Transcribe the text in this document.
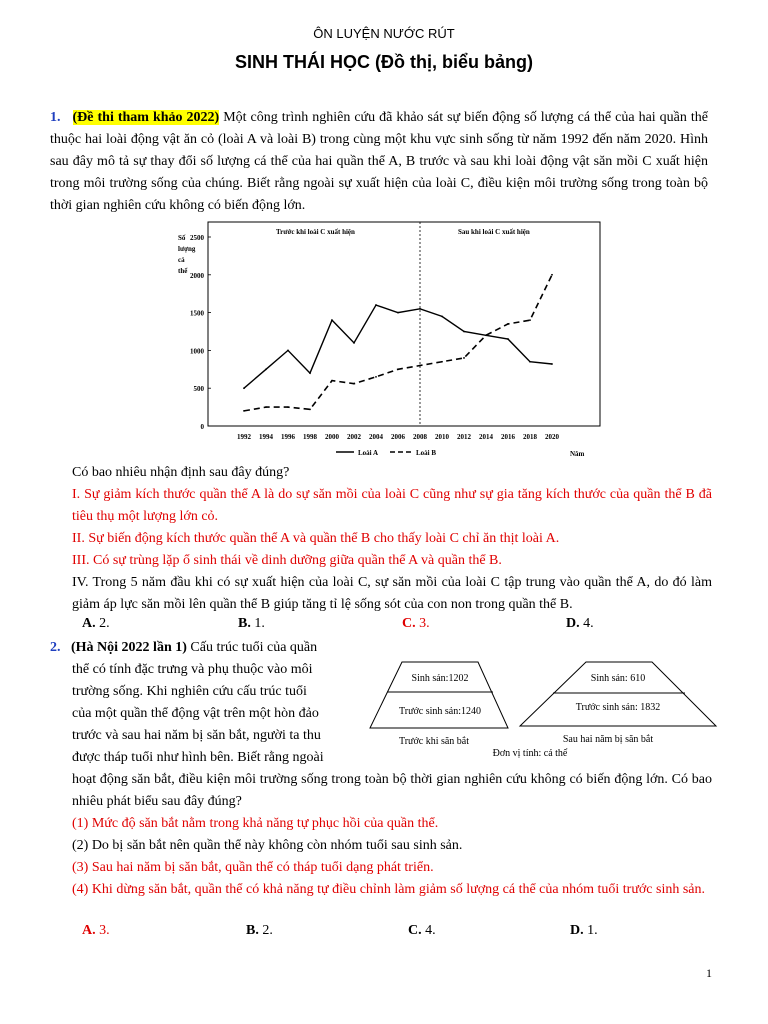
ÔN LUYỆN NƯỚC RÚT
SINH THÁI HỌC (Đồ thị, biểu bảng)
1. (Đề thi tham khảo 2022) Một công trình nghiên cứu đã khảo sát sự biến động số lượng cá thể của hai quần thể thuộc hai loài động vật ăn cỏ (loài A và loài B) trong cùng một khu vực sinh sống từ năm 1992 đến năm 2020. Hình sau đây mô tả sự thay đổi số lượng cá thể của hai quần thể A, B trước và sau khi loài động vật săn mồi C xuất hiện trong môi trường sống của chúng. Biết rằng ngoài sự xuất hiện của loài C, điều kiện môi trường sống trong toàn bộ thời gian nghiên cứu không có biến động lớn.
Số
lượng
cá
thể
Trước khi loài C xuất hiện	Sau khi loài C xuất hiện
0
500
1000
1500
2000
2500
1992 1994 1996 1998 2000 2002 2004 2006 2008 2010 2012 2014 2016 2018 2020
Loài A	Loài B	Năm
Có bao nhiêu nhận định sau đây đúng?
I. Sự giảm kích thước quần thể A là do sự săn mồi của loài C cũng như sự gia tăng kích thước của quần thể B đã tiêu thụ một lượng lớn cỏ.
II. Sự biến động kích thước quần thể A và quần thể B cho thấy loài C chỉ ăn thịt loài A.
III. Có sự trùng lặp ổ sinh thái về dinh dưỡng giữa quần thể A và quần thể B.
IV. Trong 5 năm đầu khi có sự xuất hiện của loài C, sự săn mồi của loài C tập trung vào quần thể A, do đó làm giảm áp lực săn mồi lên quần thể B giúp tăng tỉ lệ sống sót của con non trong quần thể B.
A. 2.	B. 1.	C. 3.	D. 4.
2. (Hà Nội 2022 lần 1) Cấu trúc tuổi của quần
thể có tính đặc trưng và phụ thuộc vào môi
trường sống. Khi nghiên cứu cấu trúc tuổi
của một quần thể động vật trên một hòn đảo
trước và sau hai năm bị săn bắt, người ta thu
được tháp tuổi như hình bên. Biết rằng ngoài
Sinh sản:1202
Trước sinh sản:1240
Trước khi săn bắt
Sinh sản: 610
Trước sinh sản: 1832
Sau hai năm bị săn bắt
Đơn vị tính: cá thể
hoạt động săn bắt, điều kiện môi trường sống trong toàn bộ thời gian nghiên cứu không có biến động lớn. Có bao nhiêu phát biểu sau đây đúng?
(1) Mức độ săn bắt nằm trong khả năng tự phục hồi của quần thể.
(2) Do bị săn bắt nên quần thể này không còn nhóm tuổi sau sinh sản.
(3) Sau hai năm bị săn bắt, quần thể có tháp tuổi dạng phát triển.
(4) Khi dừng săn bắt, quần thể có khả năng tự điều chỉnh làm giảm số lượng cá thể của nhóm tuổi trước sinh sản.
A. 3.	B. 2.	C. 4.	D. 1.
1
